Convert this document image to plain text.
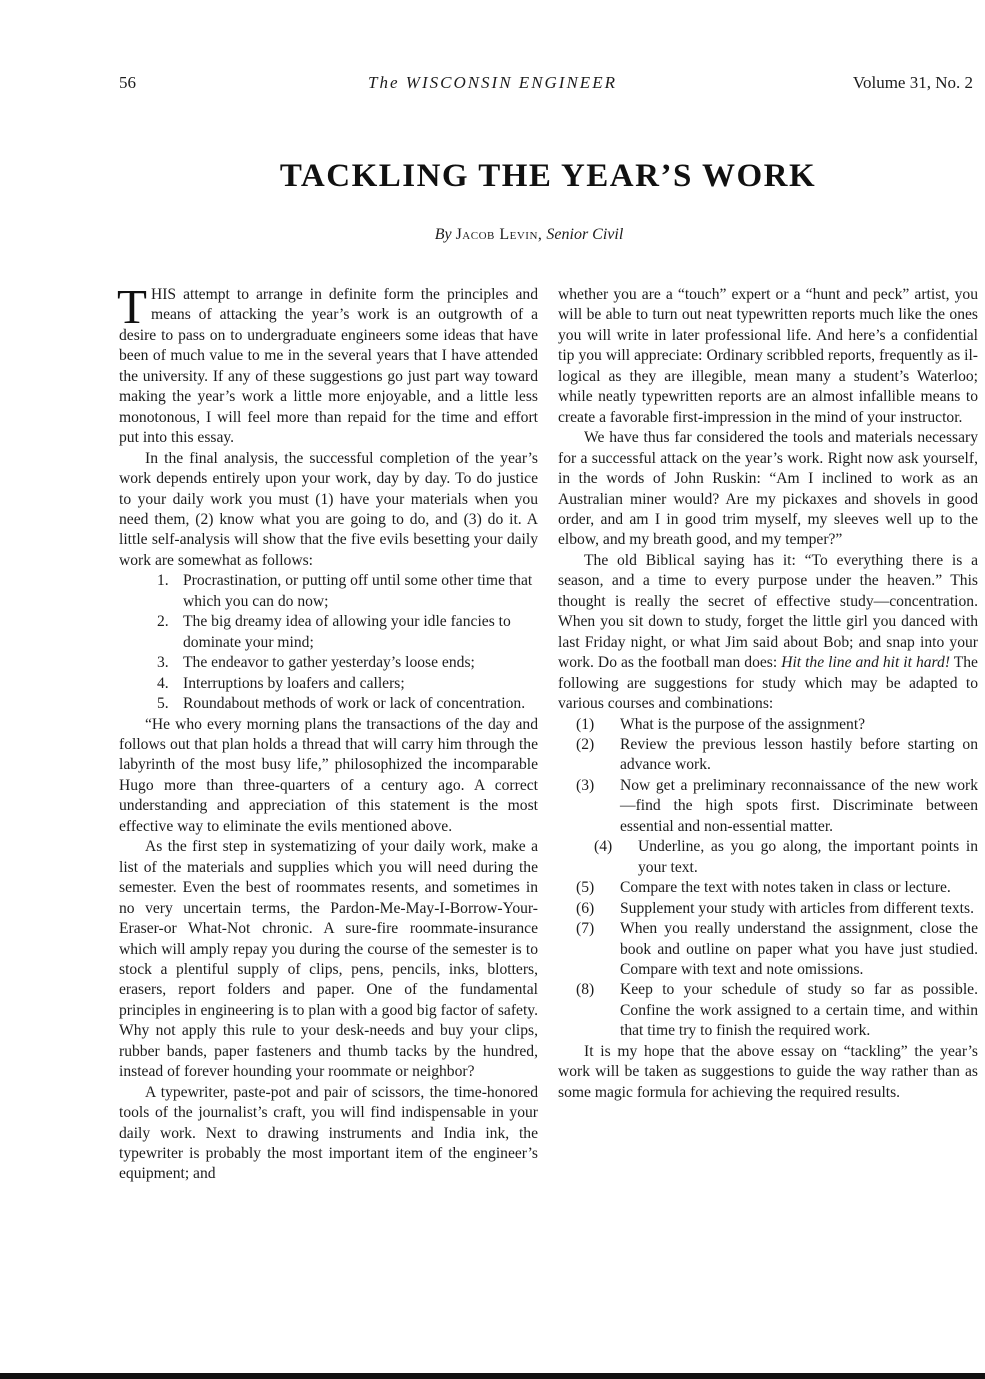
56	The WISCONSIN ENGINEER	Volume 31, No. 2
TACKLING THE YEAR’S WORK

By Jacob Levin, Senior Civil

THIS attempt to arrange in definite form the principles and means of attacking the year’s work is an outgrowth of a desire to pass on to undergraduate engineers some ideas that have been of much value to me in the several years that I have attended the university. If any of these suggestions go just part way toward making the year’s work a little more enjoyable, and a little less monotonous, I will feel more than repaid for the time and effort put into this essay.

In the final analysis, the successful completion of the year’s work depends entirely upon your work, day by day. To do justice to your daily work you must (1) have your materials when you need them, (2) know what you are going to do, and (3) do it. A little self-analysis will show that the five evils besetting your daily work are somewhat as follows:

1. Procrastination, or putting off until some other time that which you can do now;
2. The big dreamy idea of allowing your idle fancies to dominate your mind;
3. The endeavor to gather yesterday’s loose ends;
4. Interruptions by loafers and callers;
5. Roundabout methods of work or lack of concentration.

“He who every morning plans the transactions of the day and follows out that plan holds a thread that will carry him through the labyrinth of the most busy life,” philosophized the incomparable Hugo more than three-quarters of a century ago. A correct understanding and appreciation of this statement is the most effective way to eliminate the evils mentioned above.

As the first step in systematizing of your daily work, make a list of the materials and supplies which you will need during the semester. Even the best of roommates resents, and sometimes in no very uncertain terms, the Pardon-Me-May-I-Borrow-Your-Eraser-or What-Not chronic. A sure-fire roommate-insurance which will amply repay you during the course of the semester is to stock a plentiful supply of clips, pens, pencils, inks, blotters, erasers, report folders and paper. One of the fundamental principles in engineering is to plan with a good big factor of safety. Why not apply this rule to your desk-needs and buy your clips, rubber bands, paper fasteners and thumb tacks by the hundred, instead of forever hounding your roommate or neighbor?

A typewriter, paste-pot and pair of scissors, the time-honored tools of the journalist’s craft, you will find indispensable in your daily work. Next to drawing instruments and India ink, the typewriter is probably the most important item of the engineer’s equipment; and

whether you are a “touch” expert or a “hunt and peck” artist, you will be able to turn out neat typewritten reports much like the ones you will write in later professional life. And here’s a confidential tip you will appreciate: Ordinary scribbled reports, frequently as illogical as they are illegible, mean many a student’s Waterloo; while neatly typewritten reports are an almost infallible means to create a favorable first-impression in the mind of your instructor.

We have thus far considered the tools and materials necessary for a successful attack on the year’s work. Right now ask yourself, in the words of John Ruskin: “Am I inclined to work as an Australian miner would? Are my pickaxes and shovels in good order, and am I in good trim myself, my sleeves well up to the elbow, and my breath good, and my temper?”

The old Biblical saying has it: “To everything there is a season, and a time to every purpose under the heaven.” This thought is really the secret of effective study—concentration. When you sit down to study, forget the little girl you danced with last Friday night, or what Jim said about Bob; and snap into your work. Do as the football man does: Hit the line and hit it hard! The following are suggestions for study which may be adapted to various courses and combinations:

(1) What is the purpose of the assignment?
(2) Review the previous lesson hastily before starting on advance work.
(3) Now get a preliminary reconnaissance of the new work—find the high spots first. Discriminate between essential and non-essential matter.
(4) Underline, as you go along, the important points in your text.
(5) Compare the text with notes taken in class or lecture.
(6) Supplement your study with articles from different texts.
(7) When you really understand the assignment, close the book and outline on paper what you have just studied. Compare with text and note omissions.
(8) Keep to your schedule of study so far as possible. Confine the work assigned to a certain time, and within that time try to finish the required work.

It is my hope that the above essay on “tackling” the year’s work will be taken as suggestions to guide the way rather than as some magic formula for achieving the required results.
